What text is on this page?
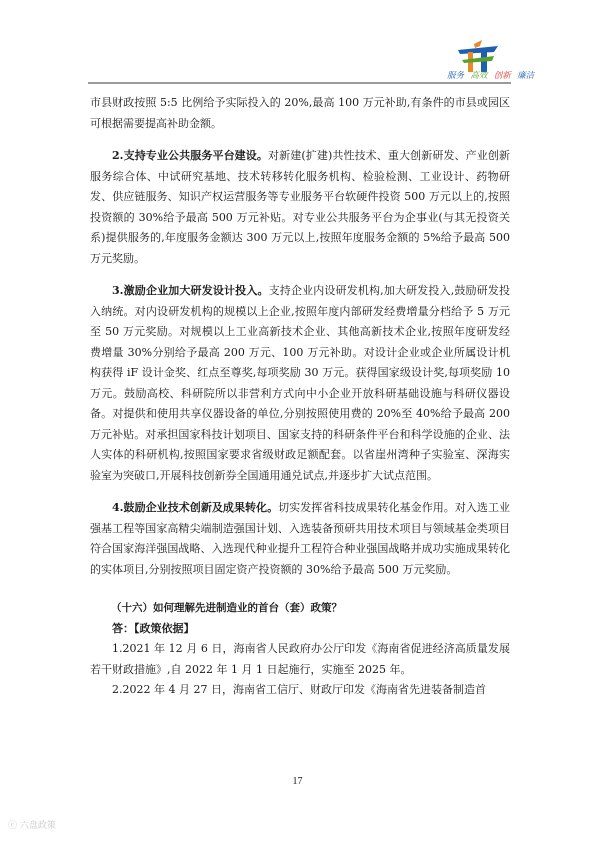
服务 高效 创新 廉洁

市县财政按照 5:5 比例给予实际投入的 20%,最高 100 万元补助,有条件的市县或园区可根据需要提高补助金额。

2.支持专业公共服务平台建设。对新建(扩建)共性技术、重大创新研发、产业创新服务综合体、中试研究基地、技术转移转化服务机构、检验检测、工业设计、药物研发、供应链服务、知识产权运营服务等专业服务平台软硬件投资 500 万元以上的,按照投资额的 30%给予最高 500 万元补贴。对专业公共服务平台为企事业(与其无投资关系)提供服务的,年度服务金额达 300 万元以上,按照年度服务金额的 5%给予最高 500 万元奖励。

3.激励企业加大研发设计投入。支持企业内设研发机构,加大研发投入,鼓励研发投入纳统。对内设研发机构的规模以上企业,按照年度内部研发经费增量分档给予 5 万元至 50 万元奖励。对规模以上工业高新技术企业、其他高新技术企业,按照年度研发经费增量 30%分别给予最高 200 万元、100 万元补助。对设计企业或企业所属设计机构获得 iF 设计金奖、红点至尊奖,每项奖励 30 万元。获得国家级设计奖,每项奖励 10 万元。鼓励高校、科研院所以非营利方式向中小企业开放科研基础设施与科研仪器设备。对提供和使用共享仪器设备的单位,分别按照使用费的 20%至 40%给予最高 200 万元补贴。对承担国家科技计划项目、国家支持的科研条件平台和科学设施的企业、法人实体的科研机构,按照国家要求省级财政足额配套。以省崖州湾种子实验室、深海实验室为突破口,开展科技创新券全国通用通兑试点,并逐步扩大试点范围。

4.鼓励企业技术创新及成果转化。切实发挥省科技成果转化基金作用。对入选工业强基工程等国家高精尖端制造强国计划、入选装备预研共用技术项目与领域基金类项目符合国家海洋强国战略、入选现代种业提升工程符合种业强国战略并成功实施成果转化的实体项目,分别按照项目固定资产投资额的 30%给予最高 500 万元奖励。

（十六）如何理解先进制造业的首台（套）政策？

答：【政策依据】

1.2021 年 12 月 6 日，海南省人民政府办公厅印发《海南省促进经济高质量发展若干财政措施》,自 2022 年 1 月 1 日起施行，实施至 2025 年。

2.2022 年 4 月 27 日，海南省工信厅、财政厅印发《海南省先进装备制造首

17
ⓒ 六盘政策
